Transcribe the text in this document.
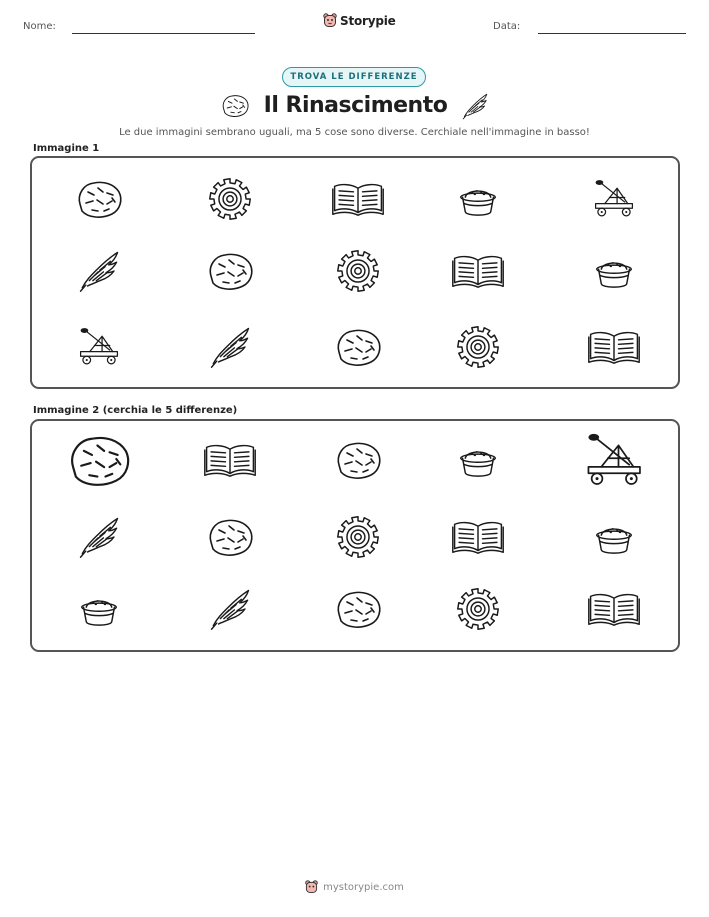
Nome:	Storypie	Data:
TROVA LE DIFFERENZE
Il Rinascimento
Le due immagini sembrano uguali, ma 5 cose sono diverse. Cerchiale nell'immagine in basso!
Immagine 1
Immagine 2 (cerchia le 5 differenze)
mystorypie.com
